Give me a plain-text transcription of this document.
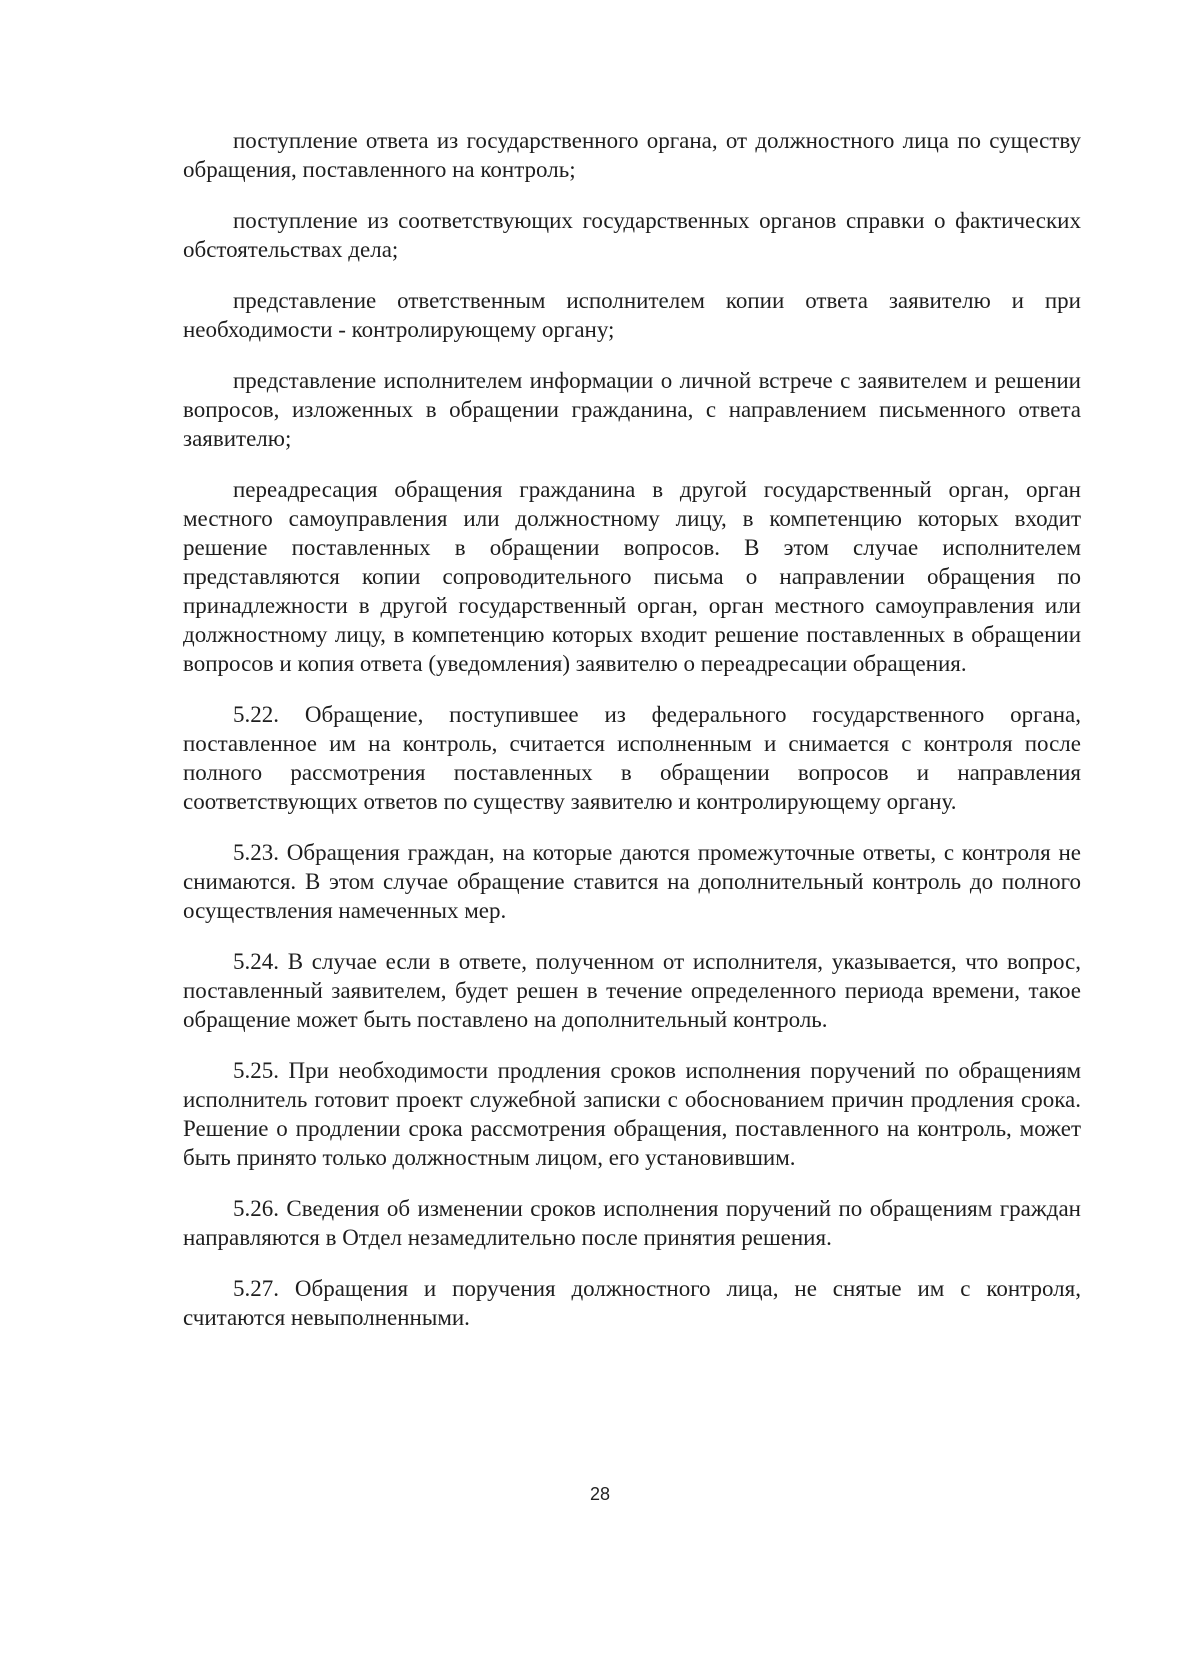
поступление ответа из государственного органа, от должностного лица по существу обращения, поставленного на контроль;

поступление из соответствующих государственных органов справки о фактических обстоятельствах дела;

представление ответственным исполнителем копии ответа заявителю и при необходимости - контролирующему органу;

представление исполнителем информации о личной встрече с заявителем и решении вопросов, изложенных в обращении гражданина, с направлением письменного ответа заявителю;

переадресация обращения гражданина в другой государственный орган, орган местного самоуправления или должностному лицу, в компетенцию которых входит решение поставленных в обращении вопросов. В этом случае исполнителем представляются копии сопроводительного письма о направлении обращения по принадлежности в другой государственный орган, орган местного самоуправления или должностному лицу, в компетенцию которых входит решение поставленных в обращении вопросов и копия ответа (уведомления) заявителю о переадресации обращения.

5.22. Обращение, поступившее из федерального государственного органа, поставленное им на контроль, считается исполненным и снимается с контроля после полного рассмотрения поставленных в обращении вопросов и направления соответствующих ответов по существу заявителю и контролирующему органу.

5.23. Обращения граждан, на которые даются промежуточные ответы, с контроля не снимаются. В этом случае обращение ставится на дополнительный контроль до полного осуществления намеченных мер.

5.24. В случае если в ответе, полученном от исполнителя, указывается, что вопрос, поставленный заявителем, будет решен в течение определенного периода времени, такое обращение может быть поставлено на дополнительный контроль.

5.25. При необходимости продления сроков исполнения поручений по обращениям исполнитель готовит проект служебной записки с обоснованием причин продления срока. Решение о продлении срока рассмотрения обращения, поставленного на контроль, может быть принято только должностным лицом, его установившим.

5.26. Сведения об изменении сроков исполнения поручений по обращениям граждан направляются в Отдел незамедлительно после принятия решения.

5.27. Обращения и поручения должностного лица, не снятые им с контроля, считаются невыполненными.

28
